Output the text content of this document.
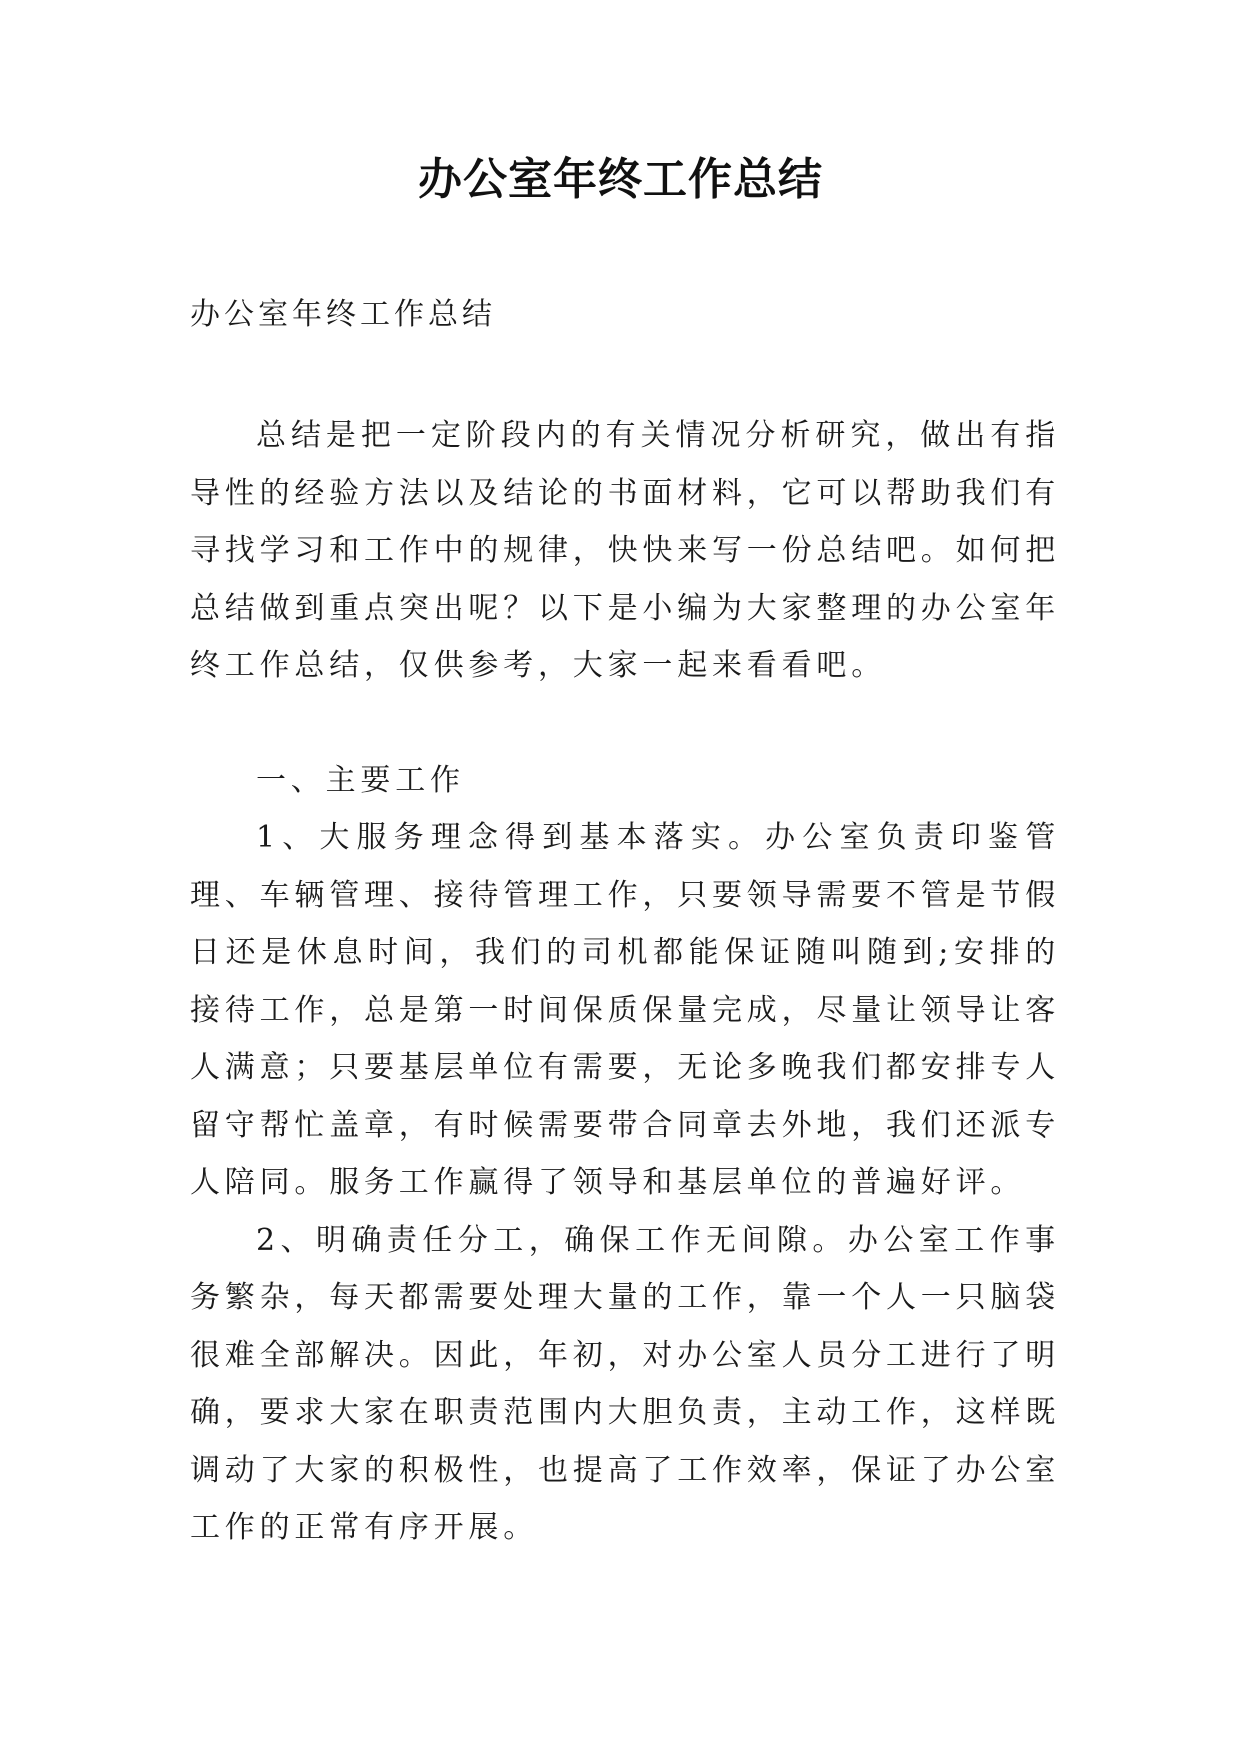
办公室年终工作总结
办公室年终工作总结

总结是把一定阶段内的有关情况分析研究，做出有指导性的经验方法以及结论的书面材料，它可以帮助我们有寻找学习和工作中的规律，快快来写一份总结吧。如何把总结做到重点突出呢？以下是小编为大家整理的办公室年终工作总结，仅供参考，大家一起来看看吧。

一、主要工作

1、大服务理念得到基本落实。办公室负责印鉴管理、车辆管理、接待管理工作，只要领导需要不管是节假日还是休息时间，我们的司机都能保证随叫随到;安排的接待工作，总是第一时间保质保量完成，尽量让领导让客人满意；只要基层单位有需要，无论多晚我们都安排专人留守帮忙盖章，有时候需要带合同章去外地，我们还派专人陪同。服务工作赢得了领导和基层单位的普遍好评。

2、明确责任分工，确保工作无间隙。办公室工作事务繁杂，每天都需要处理大量的工作，靠一个人一只脑袋很难全部解决。因此，年初，对办公室人员分工进行了明确，要求大家在职责范围内大胆负责，主动工作，这样既调动了大家的积极性，也提高了工作效率，保证了办公室工作的正常有序开展。
